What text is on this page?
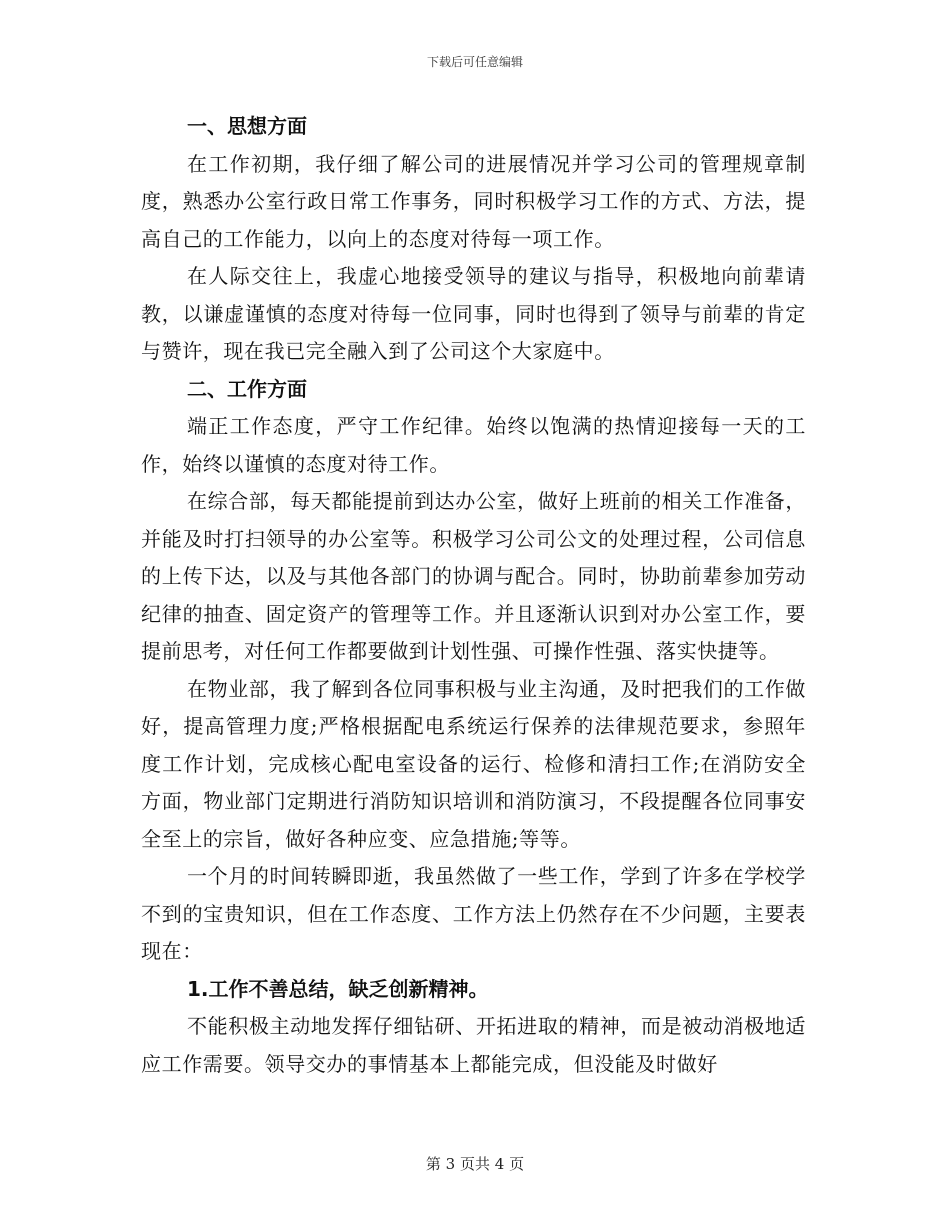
下载后可任意编辑

一、思想方面

在工作初期，我仔细了解公司的进展情况并学习公司的管理规章制度，熟悉办公室行政日常工作事务，同时积极学习工作的方式、方法，提高自己的工作能力，以向上的态度对待每一项工作。

在人际交往上，我虚心地接受领导的建议与指导，积极地向前辈请教，以谦虚谨慎的态度对待每一位同事，同时也得到了领导与前辈的肯定与赞许，现在我已完全融入到了公司这个大家庭中。

二、工作方面

端正工作态度，严守工作纪律。始终以饱满的热情迎接每一天的工作，始终以谨慎的态度对待工作。

在综合部，每天都能提前到达办公室，做好上班前的相关工作准备，并能及时打扫领导的办公室等。积极学习公司公文的处理过程，公司信息的上传下达，以及与其他各部门的协调与配合。同时，协助前辈参加劳动纪律的抽查、固定资产的管理等工作。并且逐渐认识到对办公室工作，要提前思考，对任何工作都要做到计划性强、可操作性强、落实快捷等。

在物业部，我了解到各位同事积极与业主沟通，及时把我们的工作做好，提高管理力度;严格根据配电系统运行保养的法律规范要求，参照年度工作计划，完成核心配电室设备的运行、检修和清扫工作;在消防安全方面，物业部门定期进行消防知识培训和消防演习，不段提醒各位同事安全至上的宗旨，做好各种应变、应急措施;等等。

一个月的时间转瞬即逝，我虽然做了一些工作，学到了许多在学校学不到的宝贵知识，但在工作态度、工作方法上仍然存在不少问题，主要表现在：

1.工作不善总结，缺乏创新精神。

不能积极主动地发挥仔细钻研、开拓进取的精神，而是被动消极地适应工作需要。领导交办的事情基本上都能完成，但没能及时做好

第 3 页共 4 页
